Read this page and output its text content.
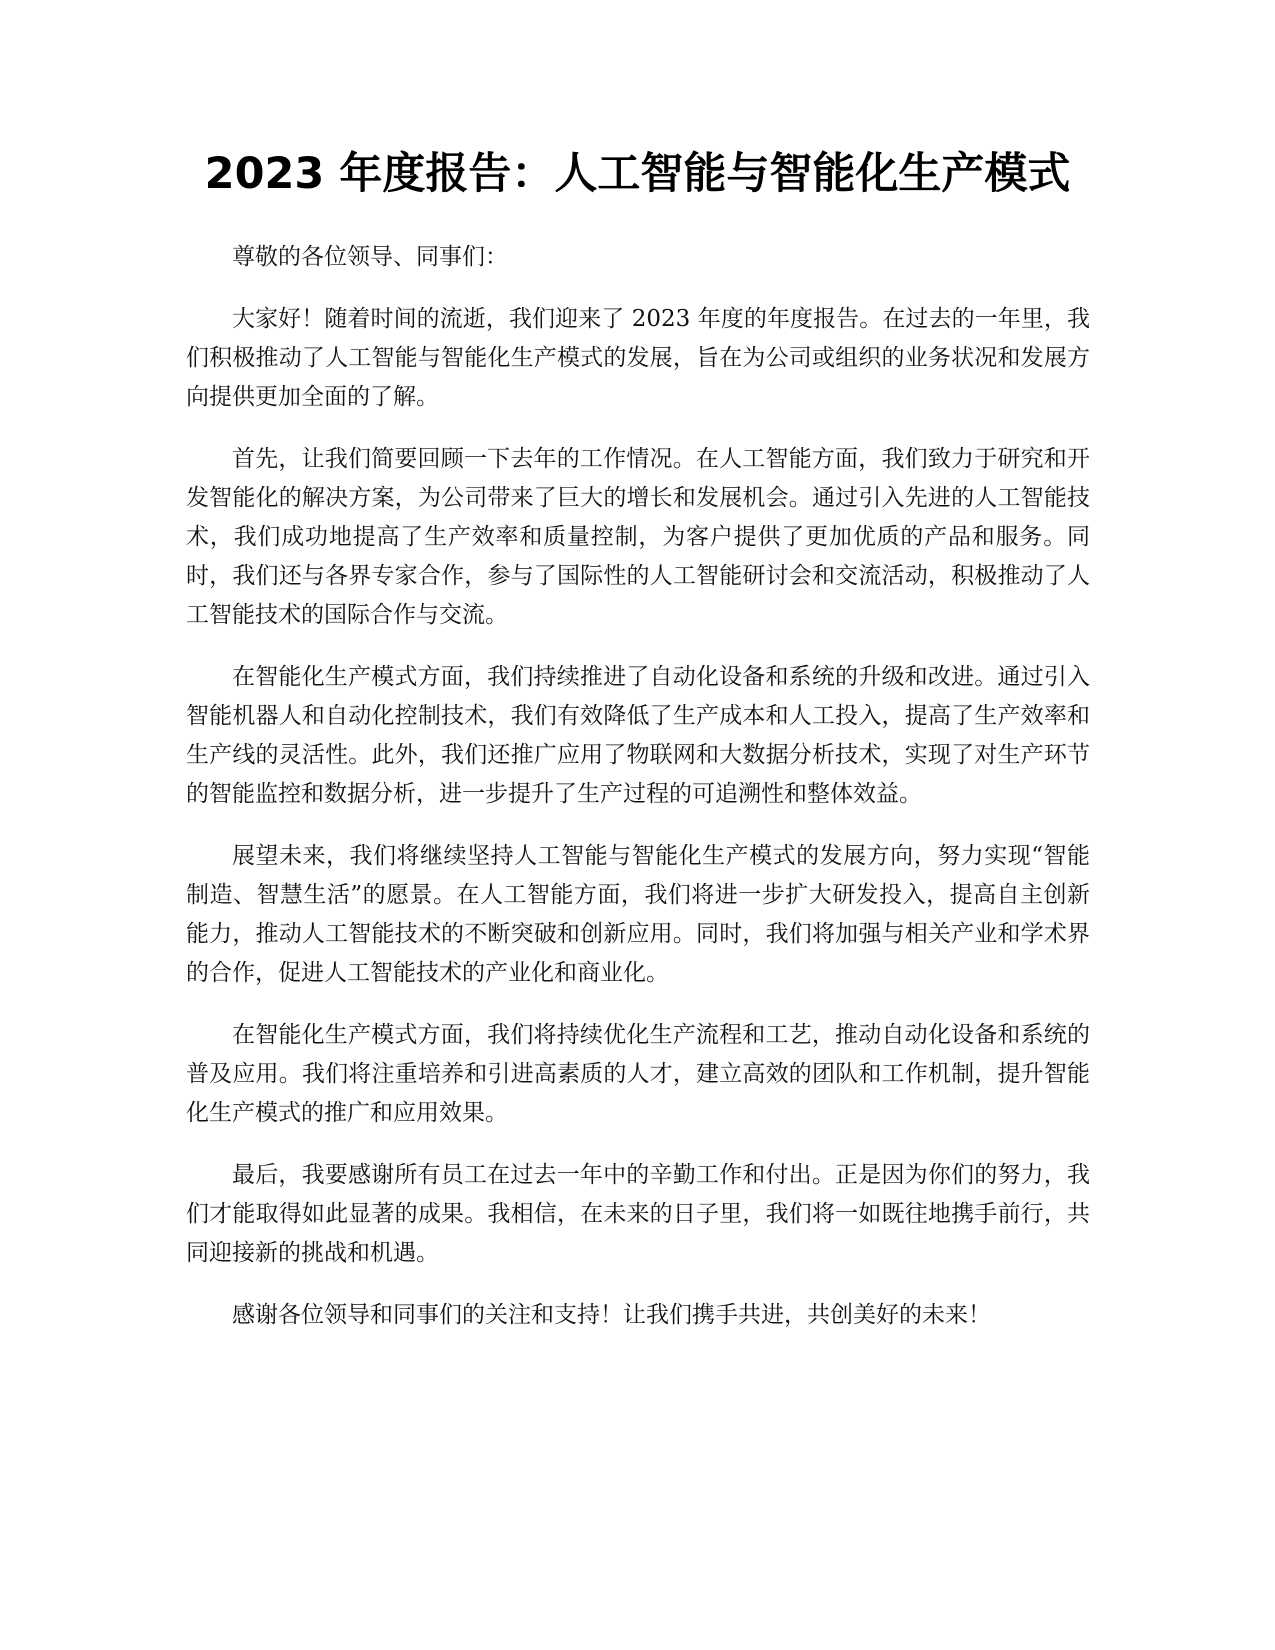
2023 年度报告：人工智能与智能化生产模式

尊敬的各位领导、同事们：

大家好！随着时间的流逝，我们迎来了 2023 年度的年度报告。在过去的一年里，我们积极推动了人工智能与智能化生产模式的发展，旨在为公司或组织的业务状况和发展方向提供更加全面的了解。

首先，让我们简要回顾一下去年的工作情况。在人工智能方面，我们致力于研究和开发智能化的解决方案，为公司带来了巨大的增长和发展机会。通过引入先进的人工智能技术，我们成功地提高了生产效率和质量控制，为客户提供了更加优质的产品和服务。同时，我们还与各界专家合作，参与了国际性的人工智能研讨会和交流活动，积极推动了人工智能技术的国际合作与交流。

在智能化生产模式方面，我们持续推进了自动化设备和系统的升级和改进。通过引入智能机器人和自动化控制技术，我们有效降低了生产成本和人工投入，提高了生产效率和生产线的灵活性。此外，我们还推广应用了物联网和大数据分析技术，实现了对生产环节的智能监控和数据分析，进一步提升了生产过程的可追溯性和整体效益。

展望未来，我们将继续坚持人工智能与智能化生产模式的发展方向，努力实现“智能制造、智慧生活”的愿景。在人工智能方面，我们将进一步扩大研发投入，提高自主创新能力，推动人工智能技术的不断突破和创新应用。同时，我们将加强与相关产业和学术界的合作，促进人工智能技术的产业化和商业化。

在智能化生产模式方面，我们将持续优化生产流程和工艺，推动自动化设备和系统的普及应用。我们将注重培养和引进高素质的人才，建立高效的团队和工作机制，提升智能化生产模式的推广和应用效果。

最后，我要感谢所有员工在过去一年中的辛勤工作和付出。正是因为你们的努力，我们才能取得如此显著的成果。我相信，在未来的日子里，我们将一如既往地携手前行，共同迎接新的挑战和机遇。

感谢各位领导和同事们的关注和支持！让我们携手共进，共创美好的未来！
